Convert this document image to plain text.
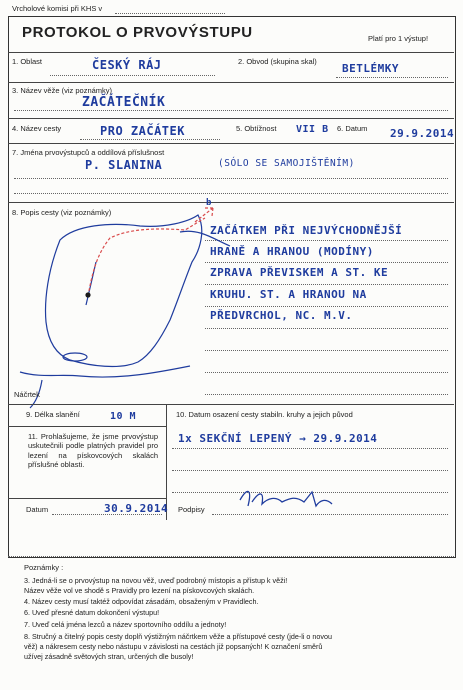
Vrcholové komisi při KHS v
PROTOKOL O PRVOVÝSTUPU	Platí pro 1 výstup!
1. Oblast	ČESKÝ RÁJ	2. Obvod (skupina skal)
BETLÉMKY
3. Název věže (viz poznámky)
ZAČÁTEČNÍK
4. Název cesty	PRO ZAČÁTEK	5. Obtížnost VII B 6. Datum 29.9.2014
7. Jména prvovýstupců a oddílová příslušnost
P. SLANINA	(SÓLO SE SAMOJIŠTĚNÍM)
8. Popis cesty (viz poznámky)
b
ZAČÁTKEM PŘI NEJVÝCHODNĚJŠÍ
HRANĚ A HRANOU (MODÍNY)
ZPRAVA PŘEVISKEM A ST. KE
KRUHU. ST. A HRANOU NA
PŘEDVRCHOL, NC. M.V.
Náčrtek
9. Délka slanění	10 M	10. Datum osazení cesty stabiln. kruhy a jejich původ
1x SEKČNÍ LEPENÝ → 29.9.2014
11. Prohlašujeme, že jsme prvovýstup uskutečnili podle platných pravidel pro lezení na pískovcových skalách příslušné oblasti.
Datum	30.9.2014 Podpisy
Poznámky :
3. Jedná-li se o prvovýstup na novou věž, uveď podrobný místopis a přístup k věži!
Název věže vol ve shodě s Pravidly pro lezení na pískovcových skalách.
4. Název cesty musí taktéž odpovídat zásadám, obsaženým v Pravidlech.
6. Uveď přesné datum dokončení výstupu!
7. Uveď celá jména lezců a název sportovního oddílu a jednoty!
8. Stručný a čitelný popis cesty doplň výstižným náčrtkem věže a přístupové cesty (jde-li o novou
věž) a nákresem cesty nebo nástupu v závislosti na cestách již popsaných! K označení směrů
užívej zásadně světových stran, určených dle busoly!
